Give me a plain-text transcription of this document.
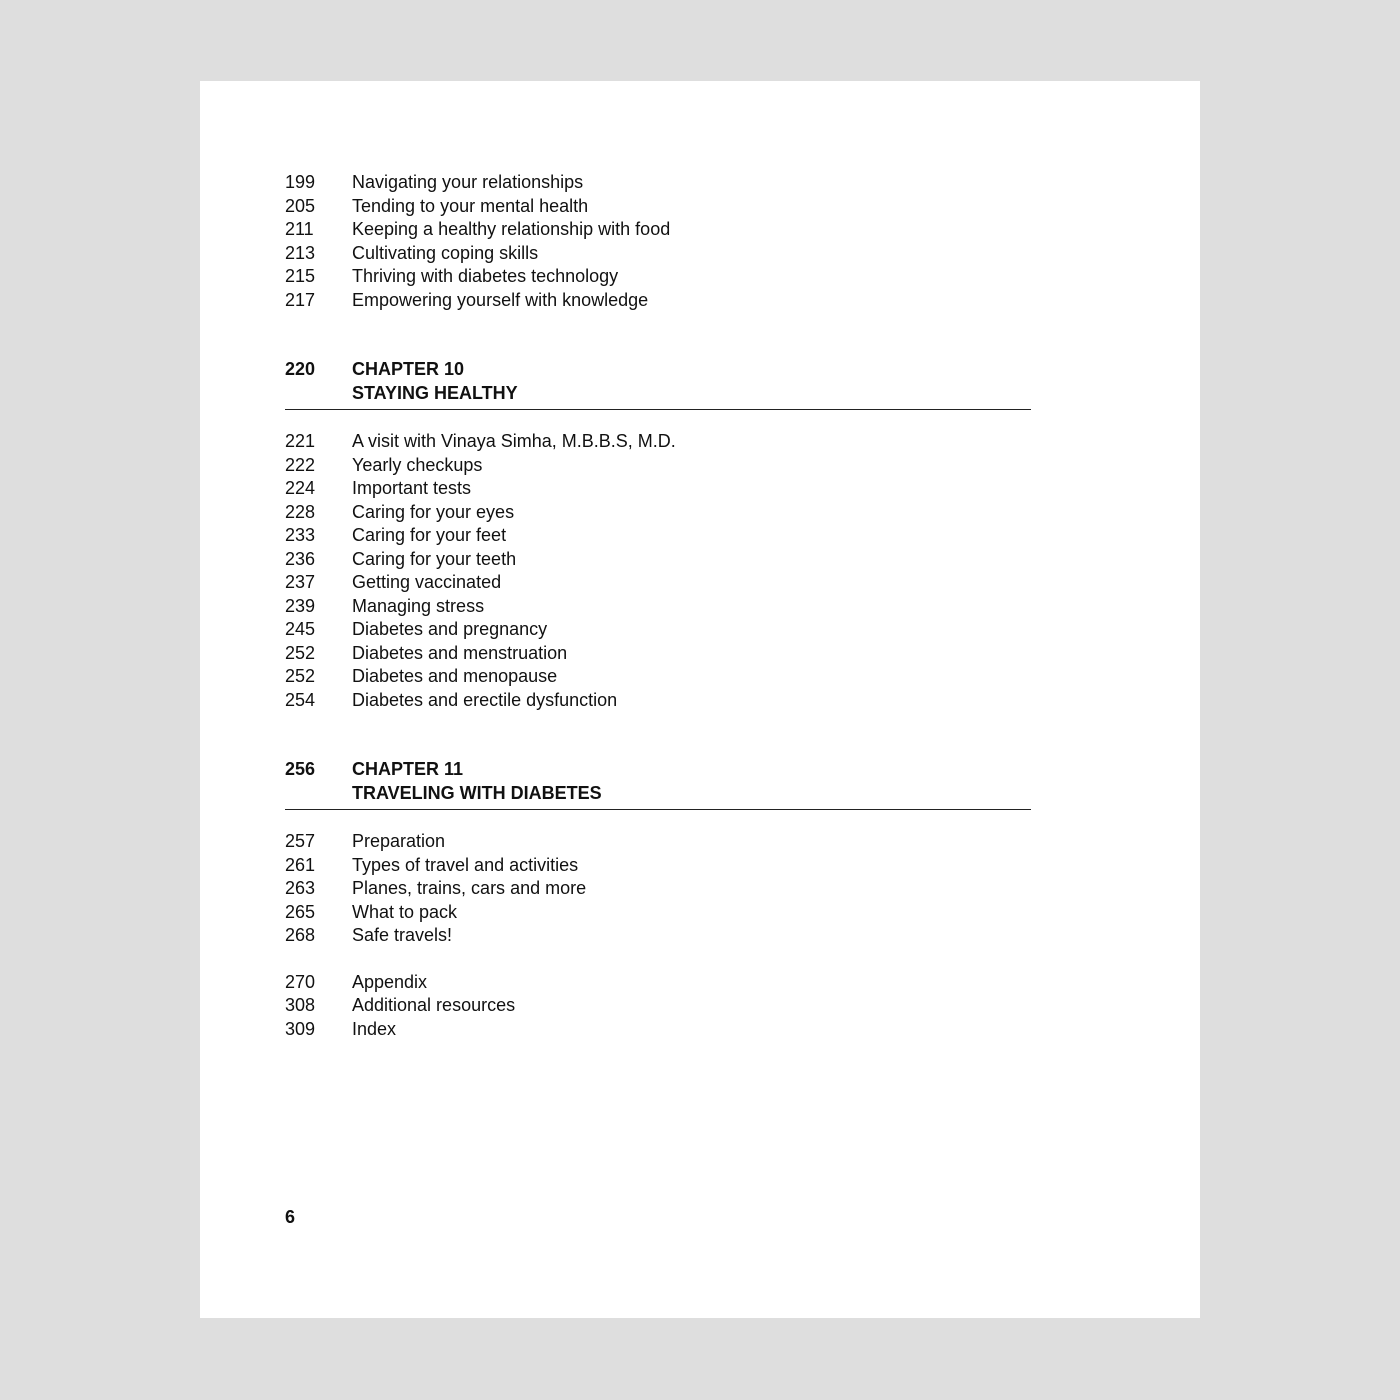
199	Navigating your relationships
205	Tending to your mental health
211	Keeping a healthy relationship with food
213	Cultivating coping skills
215	Thriving with diabetes technology
217	Empowering yourself with knowledge
220	CHAPTER 10
STAYING HEALTHY
221	A visit with Vinaya Simha, M.B.B.S, M.D.
222	Yearly checkups
224	Important tests
228	Caring for your eyes
233	Caring for your feet
236	Caring for your teeth
237	Getting vaccinated
239	Managing stress
245	Diabetes and pregnancy
252	Diabetes and menstruation
252	Diabetes and menopause
254	Diabetes and erectile dysfunction
256	CHAPTER 11
TRAVELING WITH DIABETES
257	Preparation
261	Types of travel and activities
263	Planes, trains, cars and more
265	What to pack
268	Safe travels!
270	Appendix
308	Additional resources
309	Index
6
